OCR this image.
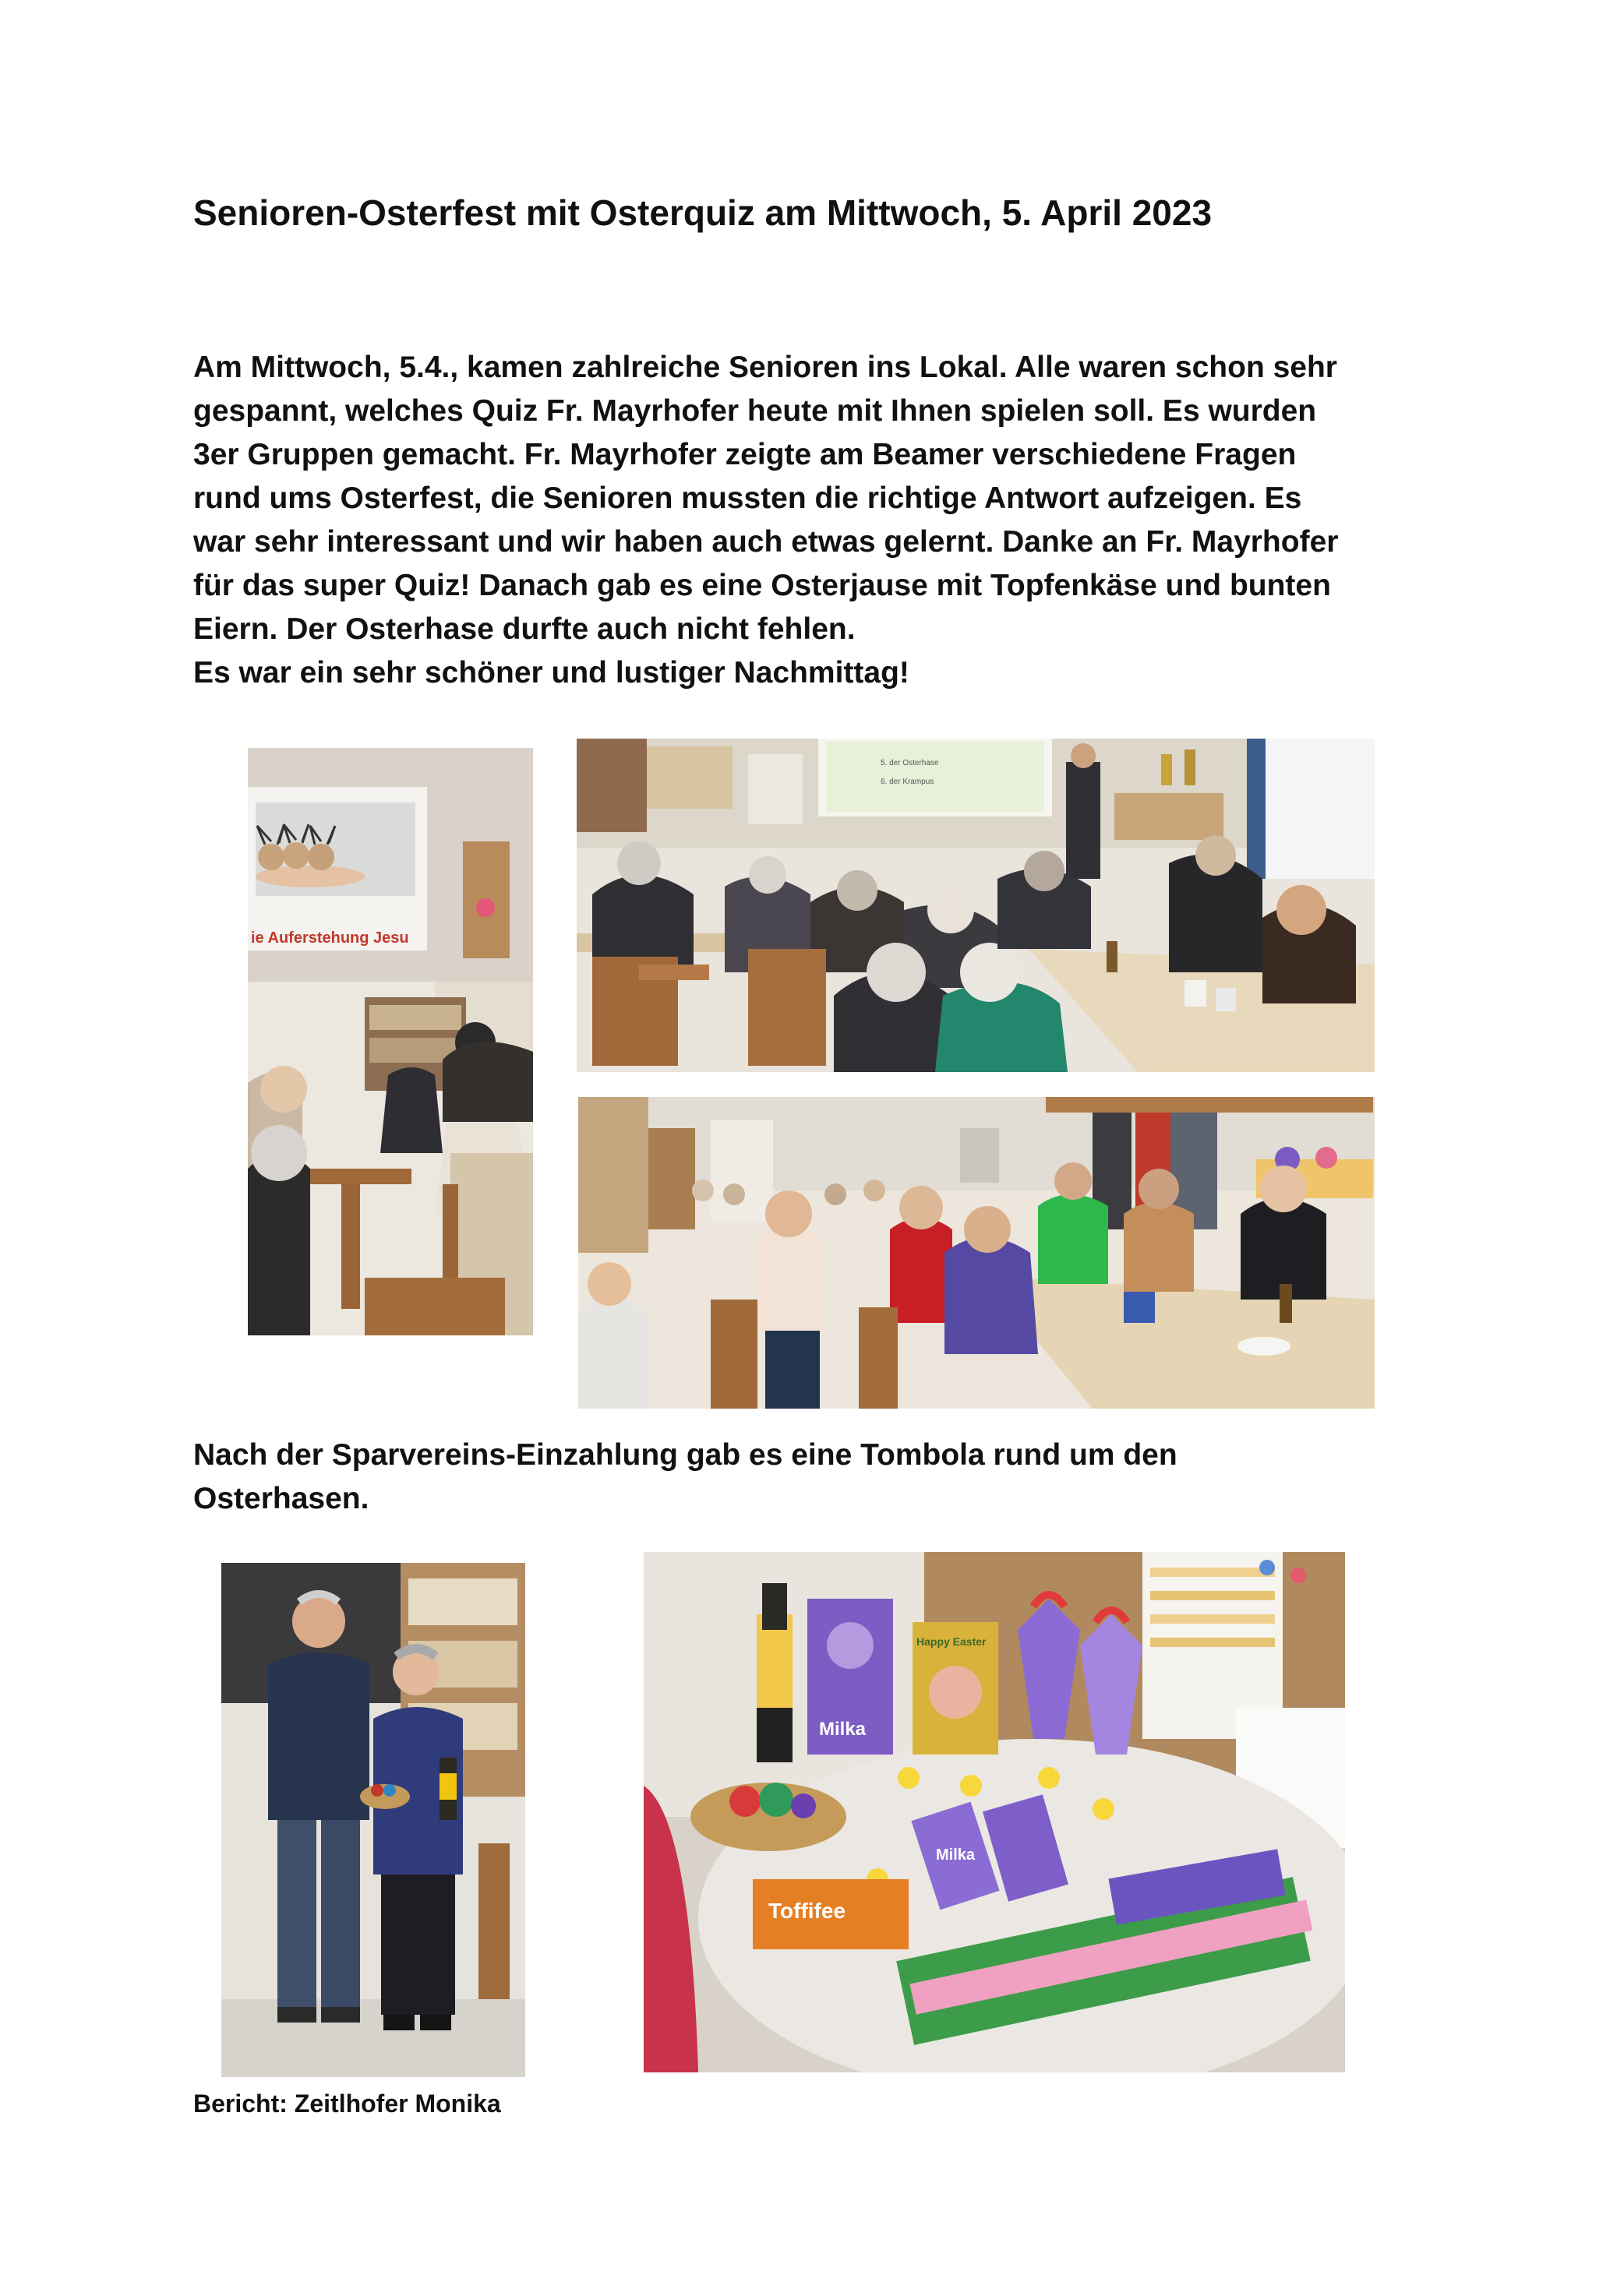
Senioren-Osterfest mit Osterquiz am Mittwoch, 5. April 2023
Am Mittwoch, 5.4., kamen zahlreiche Senioren ins Lokal. Alle waren schon sehr
gespannt, welches Quiz Fr. Mayrhofer heute mit Ihnen spielen soll. Es wurden
3er Gruppen gemacht. Fr. Mayrhofer zeigte am Beamer verschiedene Fragen
rund ums Osterfest, die Senioren mussten die richtige Antwort aufzeigen. Es
war sehr interessant und wir haben auch etwas gelernt. Danke an Fr. Mayrhofer
für das super Quiz! Danach gab es eine Osterjause mit Topfenkäse und bunten
Eiern. Der Osterhase durfte auch nicht fehlen.
Es war ein sehr schöner und lustiger Nachmittag!
ie Auferstehung Jesu
5. der Osterhase
6. der Krampus
Nach der Sparvereins-Einzahlung gab es eine Tombola rund um den
Osterhasen.
Milka
Happy Easter
Milka
Toffifee
Bericht: Zeitlhofer Monika
